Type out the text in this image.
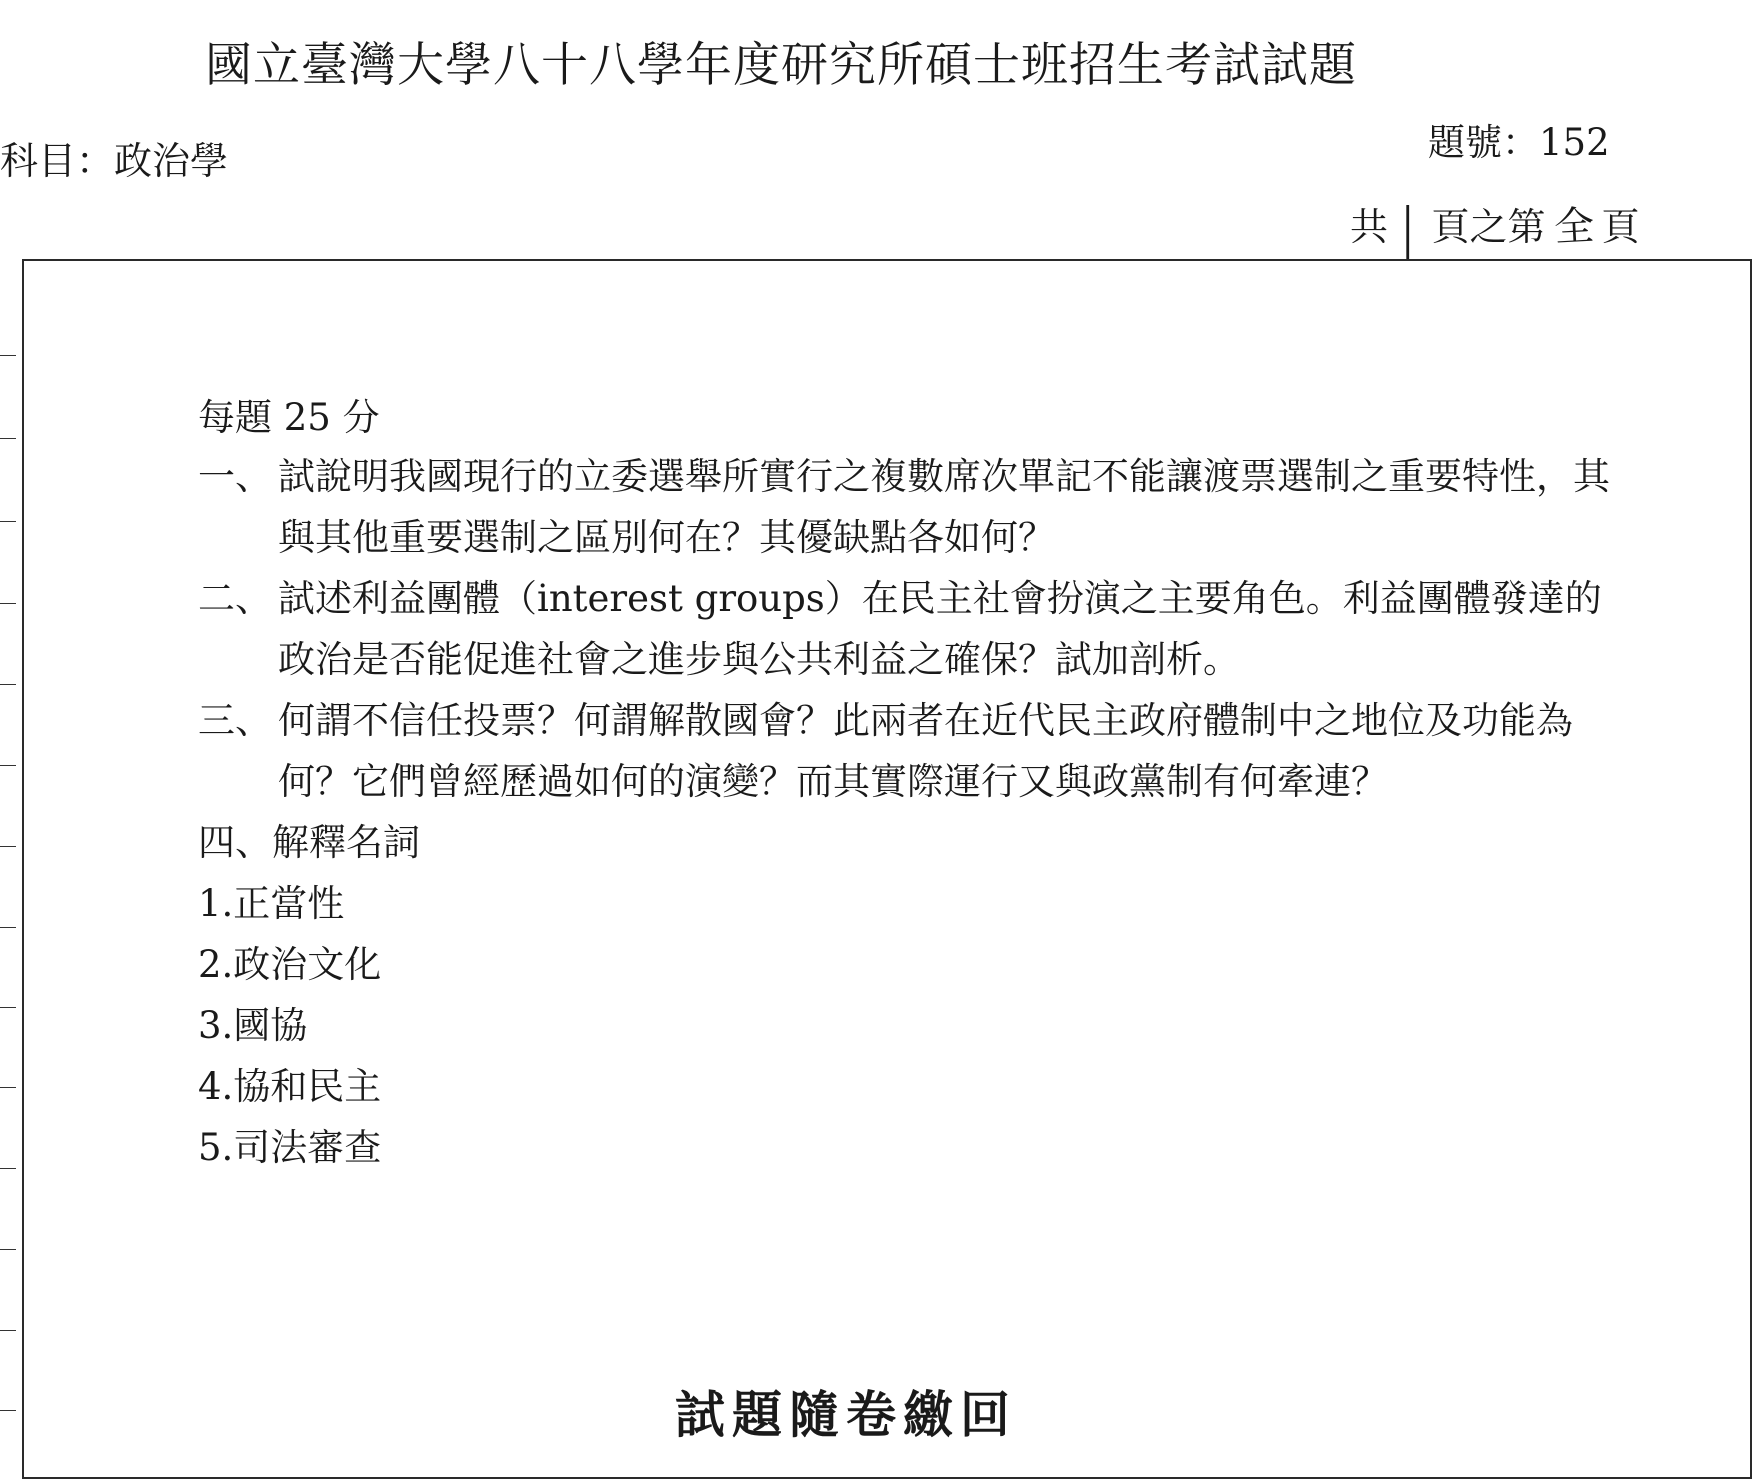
國立臺灣大學八十八學年度研究所碩士班招生考試試題
科目：政治學	題號：152
共 | 頁之第 全 頁

每題 25 分

一、 試說明我國現行的立委選舉所實行之複數席次單記不能讓渡票選制之重要特性，其與其他重要選制之區別何在？其優缺點各如何？

二、 試述利益團體（interest groups）在民主社會扮演之主要角色。利益團體發達的政治是否能促進社會之進步與公共利益之確保？試加剖析。

三、 何謂不信任投票？何謂解散國會？此兩者在近代民主政府體制中之地位及功能為何？它們曾經歷過如何的演變？而其實際運行又與政黨制有何牽連？

四、解釋名詞

1.正當性

2.政治文化

3.國協

4.協和民主

5.司法審查

試題隨卷繳回
